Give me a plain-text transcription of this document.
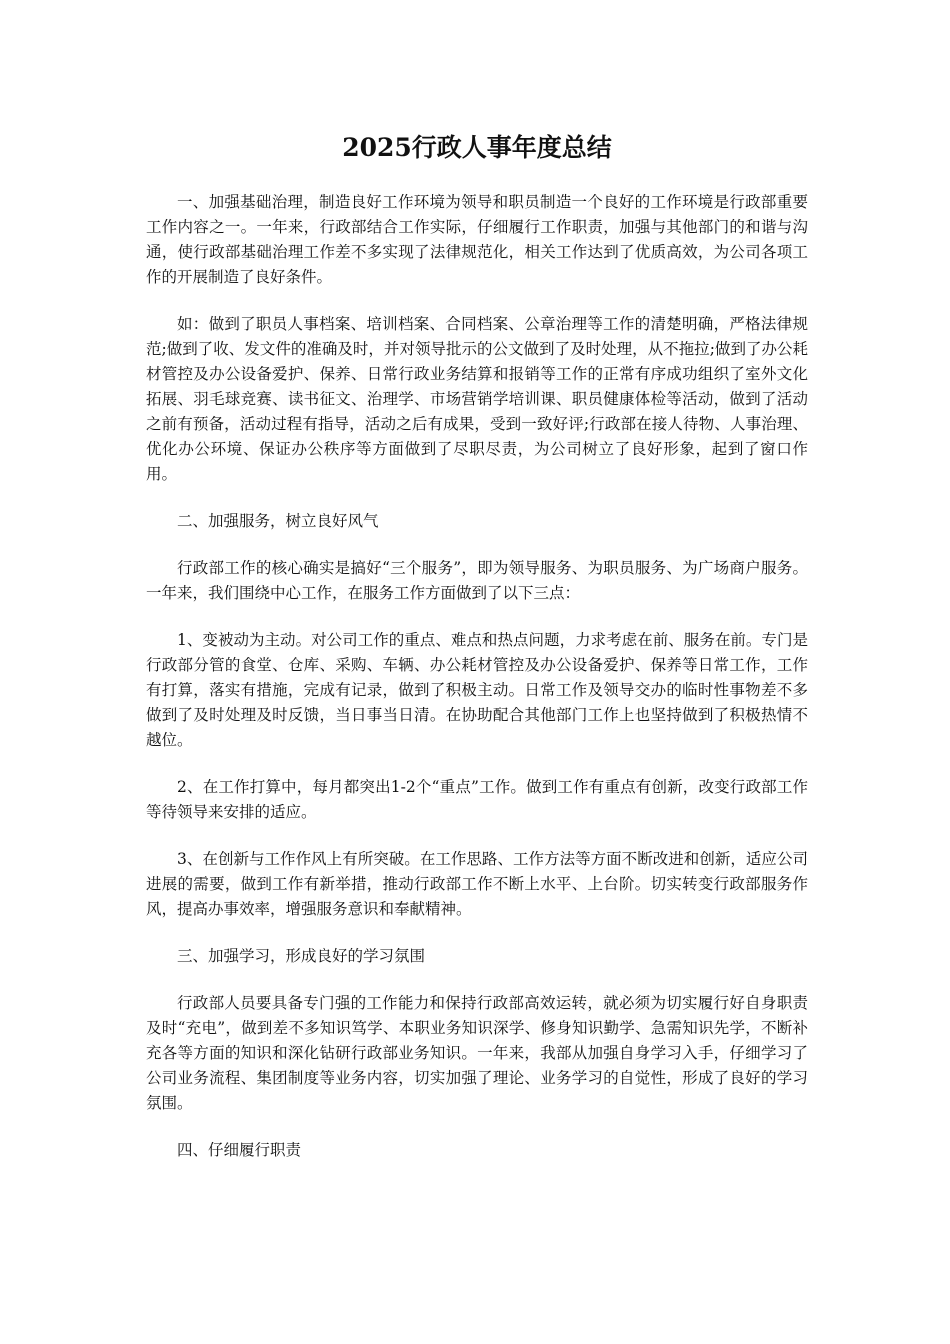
2025行政人事年度总结

一、加强基础治理，制造良好工作环境为领导和职员制造一个良好的工作环境是行政部重要工作内容之一。一年来，行政部结合工作实际，仔细履行工作职责，加强与其他部门的和谐与沟通，使行政部基础治理工作差不多实现了法律规范化，相关工作达到了优质高效，为公司各项工作的开展制造了良好条件。

如：做到了职员人事档案、培训档案、合同档案、公章治理等工作的清楚明确，严格法律规范;做到了收、发文件的准确及时，并对领导批示的公文做到了及时处理，从不拖拉;做到了办公耗材管控及办公设备爱护、保养、日常行政业务结算和报销等工作的正常有序成功组织了室外文化拓展、羽毛球竞赛、读书征文、治理学、市场营销学培训课、职员健康体检等活动，做到了活动之前有预备，活动过程有指导，活动之后有成果，受到一致好评;行政部在接人待物、人事治理、优化办公环境、保证办公秩序等方面做到了尽职尽责，为公司树立了良好形象，起到了窗口作用。

二、加强服务，树立良好风气

行政部工作的核心确实是搞好“三个服务”，即为领导服务、为职员服务、为广场商户服务。一年来，我们围绕中心工作，在服务工作方面做到了以下三点：

1、变被动为主动。对公司工作的重点、难点和热点问题，力求考虑在前、服务在前。专门是行政部分管的食堂、仓库、采购、车辆、办公耗材管控及办公设备爱护、保养等日常工作，工作有打算，落实有措施，完成有记录，做到了积极主动。日常工作及领导交办的临时性事物差不多做到了及时处理及时反馈，当日事当日清。在协助配合其他部门工作上也坚持做到了积极热情不越位。

2、在工作打算中，每月都突出1-2个“重点”工作。做到工作有重点有创新，改变行政部工作等待领导来安排的适应。

3、在创新与工作作风上有所突破。在工作思路、工作方法等方面不断改进和创新，适应公司进展的需要，做到工作有新举措，推动行政部工作不断上水平、上台阶。切实转变行政部服务作风，提高办事效率，增强服务意识和奉献精神。

三、加强学习，形成良好的学习氛围

行政部人员要具备专门强的工作能力和保持行政部高效运转，就必须为切实履行好自身职责及时“充电”，做到差不多知识笃学、本职业务知识深学、修身知识勤学、急需知识先学，不断补充各等方面的知识和深化钻研行政部业务知识。一年来，我部从加强自身学习入手，仔细学习了公司业务流程、集团制度等业务内容，切实加强了理论、业务学习的自觉性，形成了良好的学习氛围。

四、仔细履行职责
